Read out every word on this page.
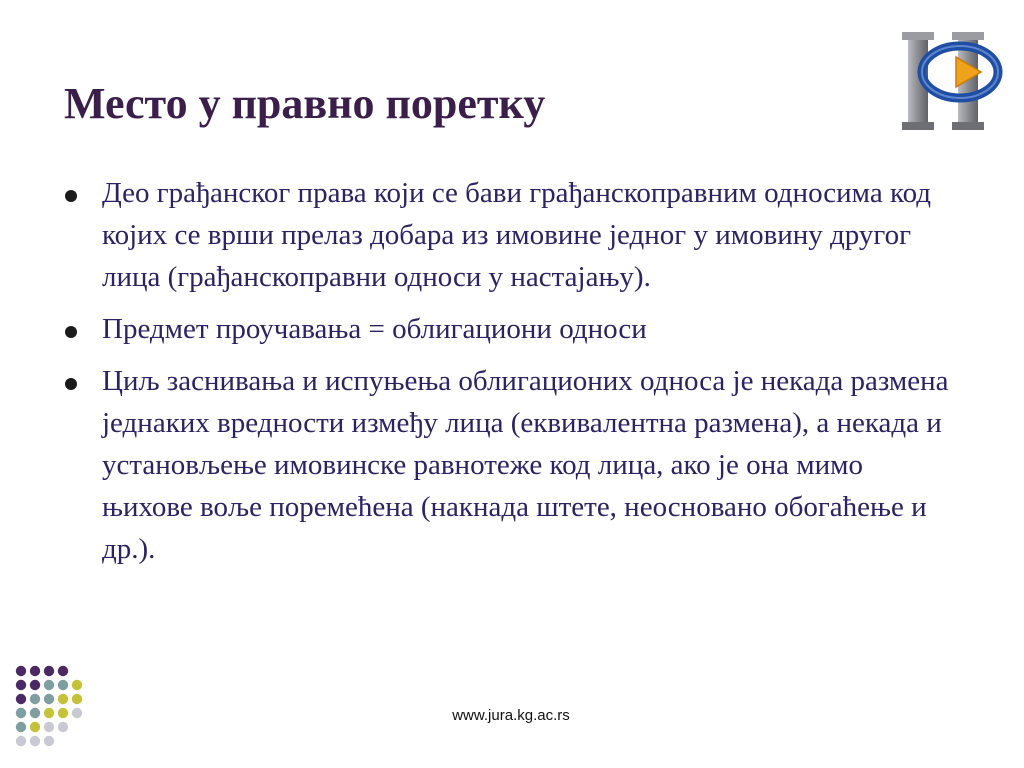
Место у правно поретку
Део грађанског права који се бави грађанскоправним односима код којих се врши прелаз добара из имовине једног у имовину другог лица (грађанскоправни односи у настајању).
Предмет проучавања = облигациони односи
Циљ заснивања и испуњења облигационих односа је некада размена једнаких вредности између лица (еквивалентна размена), а некада и установљење имовинске равнотеже код лица, ако је она мимо њихове воље поремећена (накнада штете, неосновано обогаћење и др.).
www.jura.kg.ac.rs
